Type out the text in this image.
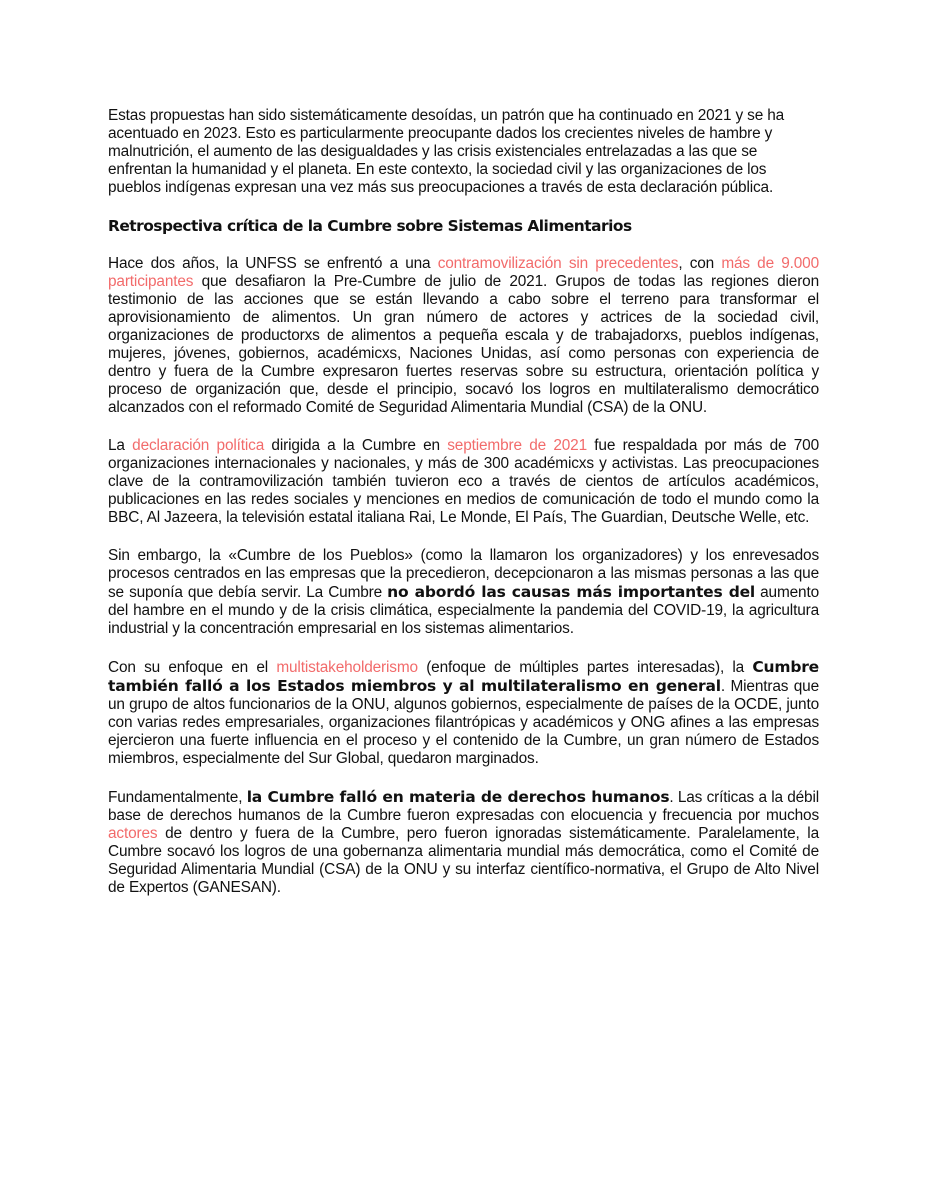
Estas propuestas han sido sistemáticamente desoídas, un patrón que ha continuado en 2021 y se ha acentuado en 2023. Esto es particularmente preocupante dados los crecientes niveles de hambre y malnutrición, el aumento de las desigualdades y las crisis existenciales entrelazadas a las que se enfrentan la humanidad y el planeta. En este contexto, la sociedad civil y las organizaciones de los pueblos indígenas expresan una vez más sus preocupaciones a través de esta declaración pública.

Retrospectiva crítica de la Cumbre sobre Sistemas Alimentarios

Hace dos años, la UNFSS se enfrentó a una contramovilización sin precedentes, con más de 9.000 participantes que desafiaron la Pre-Cumbre de julio de 2021. Grupos de todas las regiones dieron testimonio de las acciones que se están llevando a cabo sobre el terreno para transformar el aprovisionamiento de alimentos. Un gran número de actores y actrices de la sociedad civil, organizaciones de productorxs de alimentos a pequeña escala y de trabajadorxs, pueblos indígenas, mujeres, jóvenes, gobiernos, académicxs, Naciones Unidas, así como personas con experiencia de dentro y fuera de la Cumbre expresaron fuertes reservas sobre su estructura, orientación política y proceso de organización que, desde el principio, socavó los logros en multilateralismo democrático alcanzados con el reformado Comité de Seguridad Alimentaria Mundial (CSA) de la ONU.

La declaración política dirigida a la Cumbre en septiembre de 2021 fue respaldada por más de 700 organizaciones internacionales y nacionales, y más de 300 académicxs y activistas. Las preocupaciones clave de la contramovilización también tuvieron eco a través de cientos de artículos académicos, publicaciones en las redes sociales y menciones en medios de comunicación de todo el mundo como la BBC, Al Jazeera, la televisión estatal italiana Rai, Le Monde, El País, The Guardian, Deutsche Welle, etc.

Sin embargo, la «Cumbre de los Pueblos» (como la llamaron los organizadores) y los enrevesados procesos centrados en las empresas que la precedieron, decepcionaron a las mismas personas a las que se suponía que debía servir. La Cumbre no abordó las causas más importantes del aumento del hambre en el mundo y de la crisis climática, especialmente la pandemia del COVID-19, la agricultura industrial y la concentración empresarial en los sistemas alimentarios.

Con su enfoque en el multistakeholderismo (enfoque de múltiples partes interesadas), la Cumbre también falló a los Estados miembros y al multilateralismo en general. Mientras que un grupo de altos funcionarios de la ONU, algunos gobiernos, especialmente de países de la OCDE, junto con varias redes empresariales, organizaciones filantrópicas y académicos y ONG afines a las empresas ejercieron una fuerte influencia en el proceso y el contenido de la Cumbre, un gran número de Estados miembros, especialmente del Sur Global, quedaron marginados.

Fundamentalmente, la Cumbre falló en materia de derechos humanos. Las críticas a la débil base de derechos humanos de la Cumbre fueron expresadas con elocuencia y frecuencia por muchos actores de dentro y fuera de la Cumbre, pero fueron ignoradas sistemáticamente. Paralelamente, la Cumbre socavó los logros de una gobernanza alimentaria mundial más democrática, como el Comité de Seguridad Alimentaria Mundial (CSA) de la ONU y su interfaz científico-normativa, el Grupo de Alto Nivel de Expertos (GANESAN).
